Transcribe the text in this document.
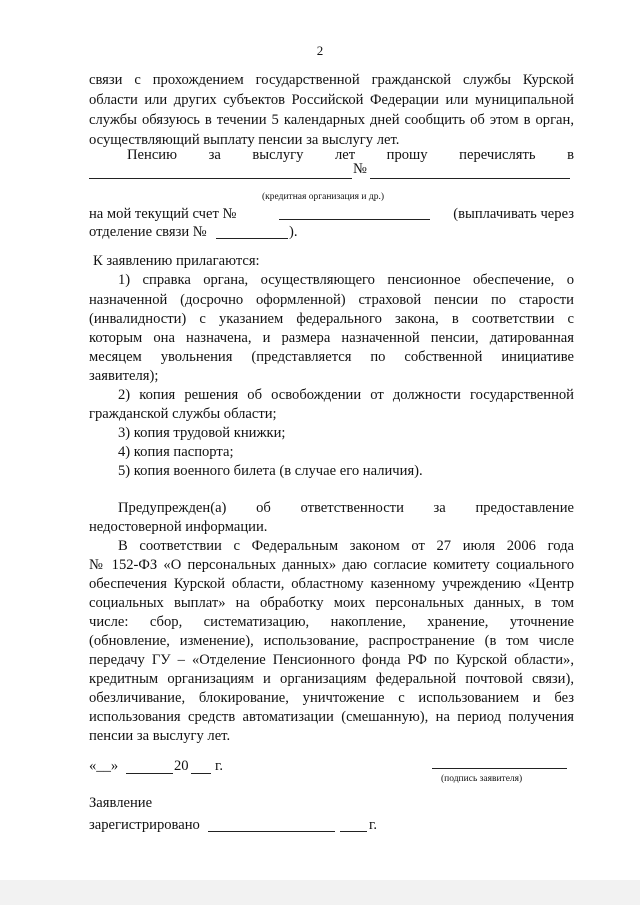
2
связи с прохождением государственной гражданской службы Курской
области или других субъектов Российской Федерации или муниципальной
службы обязуюсь в течении 5 календарных дней сообщить об этом в орган,
осуществляющий выплату пенсии за выслугу лет.
Пенсию за выслугу лет прошу перечислять в
№
(кредитная организация и др.)
на мой текущий счет №	(выплачивать через
отделение связи №	).
К заявлению прилагаются:
1) справка органа, осуществляющего пенсионное обеспечение, о
назначенной (досрочно оформленной) страховой пенсии по старости
(инвалидности) с указанием федерального закона, в соответствии с
которым она назначена, и размера назначенной пенсии, датированная
месяцем увольнения (представляется по собственной инициативе
заявителя);
2) копия решения об освобождении от должности государственной
гражданской службы области;
3) копия трудовой книжки;
4) копия паспорта;
5) копия военного билета (в случае его наличия).
Предупрежден(а) об ответственности за предоставление
недостоверной информации.
В соответствии с Федеральным законом от 27 июля 2006 года
№ 152-ФЗ «О персональных данных» даю согласие комитету социального
обеспечения Курской области, областному казенному учреждению «Центр
социальных выплат» на обработку моих персональных данных, в том
числе: сбор, систематизацию, накопление, хранение, уточнение
(обновление, изменение), использование, распространение (в том числе
передачу ГУ – «Отделение Пенсионного фонда РФ по Курской области»,
кредитным организациям и организациям федеральной почтовой связи),
обезличивание, блокирование, уничтожение с использованием и без
использования средств автоматизации (смешанную), на период получения
пенсии за выслугу лет.
«__»	20 г.
(подпись заявителя)
Заявление
зарегистрировано	г.
